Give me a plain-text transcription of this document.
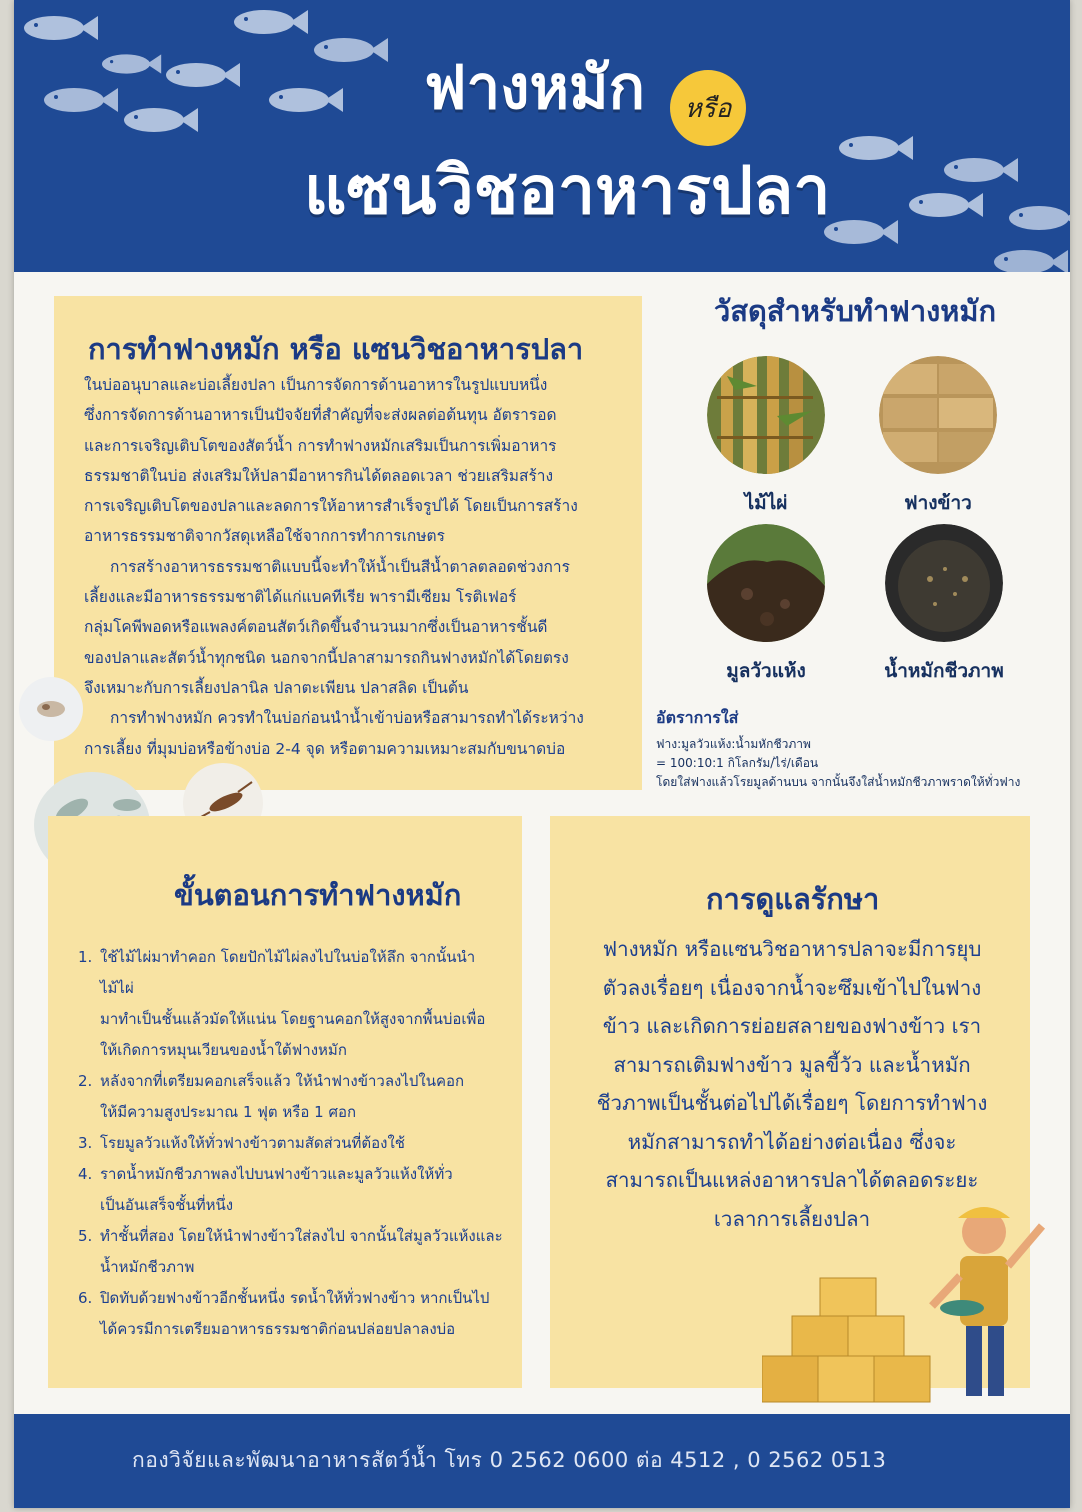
ฟางหมัก	หรือ
แซนวิชอาหารปลา
การทำฟางหมัก หรือ แซนวิชอาหารปลา

ในบ่ออนุบาลและบ่อเลี้ยงปลา เป็นการจัดการด้านอาหารในรูปแบบหนึ่ง

ซึ่งการจัดการด้านอาหารเป็นปัจจัยที่สำคัญที่จะส่งผลต่อต้นทุน อัตรารอด

และการเจริญเติบโตของสัตว์น้ำ การทำฟางหมักเสริมเป็นการเพิ่มอาหาร

ธรรมชาติในบ่อ ส่งเสริมให้ปลามีอาหารกินได้ตลอดเวลา ช่วยเสริมสร้าง

การเจริญเติบโตของปลาและลดการให้อาหารสำเร็จรูปได้ โดยเป็นการสร้าง

อาหารธรรมชาติจากวัสดุเหลือใช้จากการทำการเกษตร

การสร้างอาหารธรรมชาติแบบนี้จะทำให้น้ำเป็นสีน้ำตาลตลอดช่วงการ

เลี้ยงและมีอาหารธรรมชาติได้แก่แบคทีเรีย พารามีเซียม โรติเฟอร์

กลุ่มโคพีพอดหรือแพลงค์ตอนสัตว์เกิดขึ้นจำนวนมากซึ่งเป็นอาหารชั้นดี

ของปลาและสัตว์น้ำทุกชนิด นอกจากนี้ปลาสามารถกินฟางหมักได้โดยตรง

จึงเหมาะกับการเลี้ยงปลานิล ปลาตะเพียน ปลาสลิด เป็นต้น

การทำฟางหมัก ควรทำในบ่อก่อนนำน้ำเข้าบ่อหรือสามารถทำได้ระหว่าง

การเลี้ยง ที่มุมบ่อหรือข้างบ่อ 2-4 จุด หรือตามความเหมาะสมกับขนาดบ่อ

วัสดุสำหรับทำฟางหมัก
ไม้ไผ่	ฟางข้าว
มูลวัวแห้ง	น้ำหมักชีวภาพ
อัตราการใส่
ฟาง:มูลวัวแห้ง:น้ำมหักชีวภาพ
= 100:10:1 กิโลกรัม/ไร่/เดือน
โดยใส่ฟางแล้วโรยมูลด้านบน จากนั้นจึงใส่น้ำหมักชีวภาพราดให้ทั่วฟาง
ขั้นตอนการทำฟางหมัก
1. ใช้ไม้ไผ่มาทำคอก โดยปักไม้ไผ่ลงไปในบ่อให้ลึก จากนั้นนำไม้ไผ่
มาทำเป็นชั้นแล้วมัดให้แน่น โดยฐานคอกให้สูงจากพื้นบ่อเพื่อ
ให้เกิดการหมุนเวียนของน้ำใต้ฟางหมัก
2. หลังจากที่เตรียมคอกเสร็จแล้ว ให้นำฟางข้าวลงไปในคอก
ให้มีความสูงประมาณ 1 ฟุต หรือ 1 ศอก
3. โรยมูลวัวแห้งให้ทั่วฟางข้าวตามสัดส่วนที่ต้องใช้
4. ราดน้ำหมักชีวภาพลงไปบนฟางข้าวและมูลวัวแห้งให้ทั่ว
เป็นอันเสร็จชั้นที่หนึ่ง
5. ทำชั้นที่สอง โดยให้นำฟางข้าวใส่ลงไป จากนั้นใส่มูลวัวแห้งและ
น้ำหมักชีวภาพ
6. ปิดทับด้วยฟางข้าวอีกชั้นหนึ่ง รดน้ำให้ทั่วฟางข้าว หากเป็นไป
ได้ควรมีการเตรียมอาหารธรรมชาติก่อนปล่อยปลาลงบ่อ
การดูแลรักษา
ฟางหมัก หรือแซนวิชอาหารปลาจะมีการยุบ
ตัวลงเรื่อยๆ เนื่องจากน้ำจะซึมเข้าไปในฟาง
ข้าว และเกิดการย่อยสลายของฟางข้าว เรา
สามารถเติมฟางข้าว มูลขี้วัว และน้ำหมัก
ชีวภาพเป็นชั้นต่อไปได้เรื่อยๆ โดยการทำฟาง
หมักสามารถทำได้อย่างต่อเนื่อง ซึ่งจะ
สามารถเป็นแหล่งอาหารปลาได้ตลอดระยะ
เวลาการเลี้ยงปลา
กองวิจัยและพัฒนาอาหารสัตว์น้ำ โทร 0 2562 0600 ต่อ 4512 , 0 2562 0513
